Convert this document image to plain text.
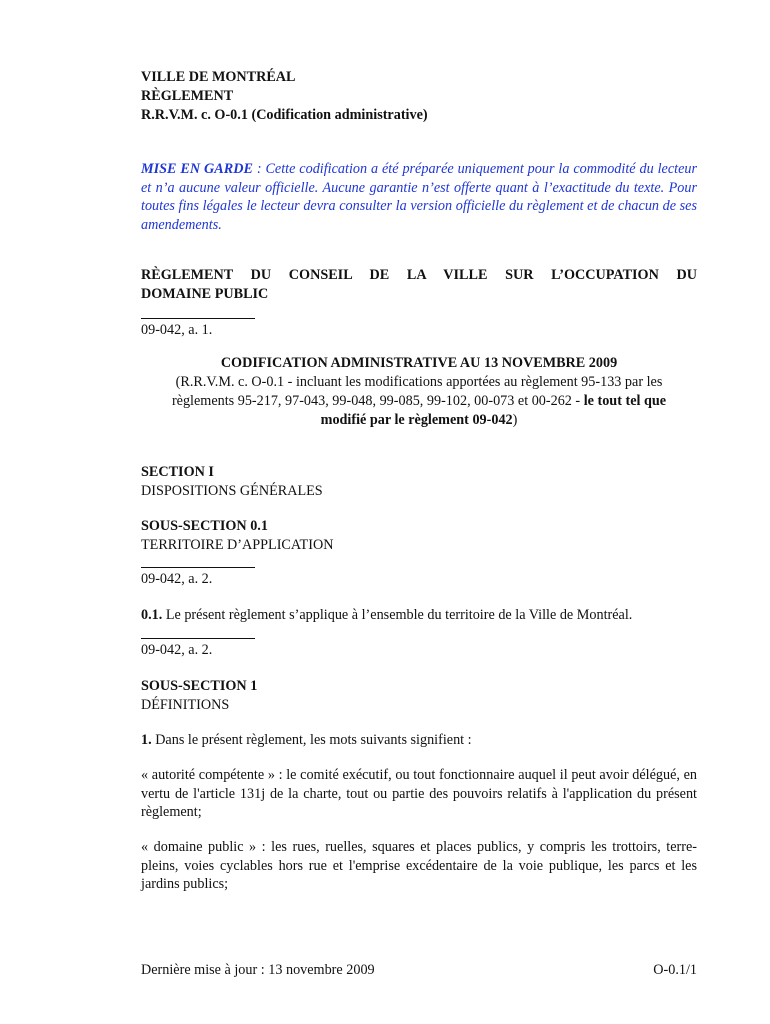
VILLE DE MONTRÉAL
RÈGLEMENT
R.R.V.M. c. O-0.1 (Codification administrative)
MISE EN GARDE : Cette codification a été préparée uniquement pour la commodité du lecteur et n’a aucune valeur officielle. Aucune garantie n’est offerte quant à l’exactitude du texte. Pour toutes fins légales le lecteur devra consulter la version officielle du règlement et de chacun de ses amendements.
RÈGLEMENT DU CONSEIL DE LA VILLE SUR L’OCCUPATION DU
DOMAINE PUBLIC
09-042, a. 1.
CODIFICATION ADMINISTRATIVE AU 13 NOVEMBRE 2009
(R.R.V.M. c. O-0.1 - incluant les modifications apportées au règlement 95-133 par les
règlements 95-217, 97-043, 99-048, 99-085, 99-102, 00-073 et 00-262 - le tout tel que
modifié par le règlement 09-042)
SECTION I
DISPOSITIONS GÉNÉRALES
SOUS-SECTION 0.1
TERRITOIRE D’APPLICATION
09-042, a. 2.
0.1. Le présent règlement s’applique à l’ensemble du territoire de la Ville de Montréal.
09-042, a. 2.
SOUS-SECTION 1
DÉFINITIONS
1. Dans le présent règlement, les mots suivants signifient :
« autorité compétente » : le comité exécutif, ou tout fonctionnaire auquel il peut avoir délégué, en vertu de l'article 131j de la charte, tout ou partie des pouvoirs relatifs à l'application du présent règlement;
« domaine public » : les rues, ruelles, squares et places publics, y compris les trottoirs, terre-pleins, voies cyclables hors rue et l'emprise excédentaire de la voie publique, les parcs et les jardins publics;
Dernière mise à jour : 13 novembre 2009	O-0.1/1
